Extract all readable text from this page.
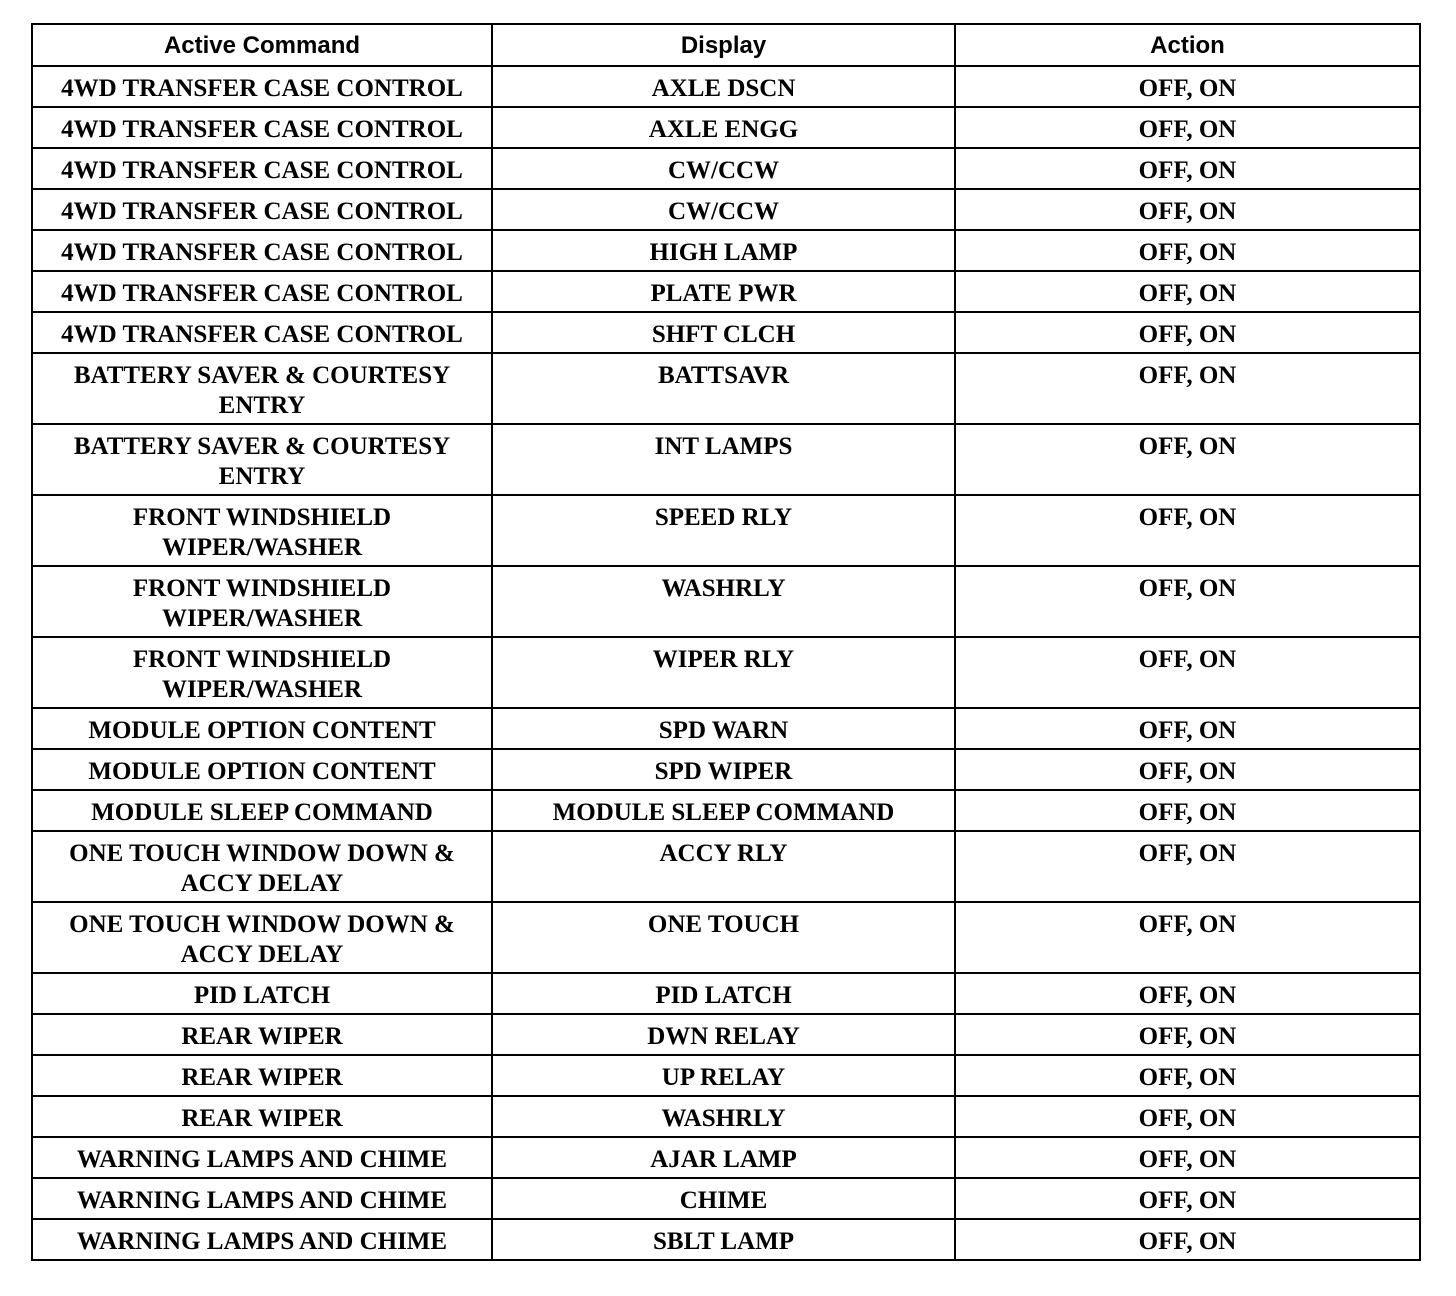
Active Command	Display	Action
4WD TRANSFER CASE CONTROL	AXLE DSCN	OFF, ON
4WD TRANSFER CASE CONTROL	AXLE ENGG	OFF, ON
4WD TRANSFER CASE CONTROL	CW/CCW	OFF, ON
4WD TRANSFER CASE CONTROL	CW/CCW	OFF, ON
4WD TRANSFER CASE CONTROL	HIGH LAMP	OFF, ON
4WD TRANSFER CASE CONTROL	PLATE PWR	OFF, ON
4WD TRANSFER CASE CONTROL	SHFT CLCH	OFF, ON
BATTERY SAVER & COURTESY ENTRY	BATTSAVR	OFF, ON
BATTERY SAVER & COURTESY ENTRY	INT LAMPS	OFF, ON
FRONT WINDSHIELD WIPER/WASHER	SPEED RLY	OFF, ON
FRONT WINDSHIELD WIPER/WASHER	WASHRLY	OFF, ON
FRONT WINDSHIELD WIPER/WASHER	WIPER RLY	OFF, ON
MODULE OPTION CONTENT	SPD WARN	OFF, ON
MODULE OPTION CONTENT	SPD WIPER	OFF, ON
MODULE SLEEP COMMAND	MODULE SLEEP COMMAND	OFF, ON
ONE TOUCH WINDOW DOWN & ACCY DELAY	ACCY RLY	OFF, ON
ONE TOUCH WINDOW DOWN & ACCY DELAY	ONE TOUCH	OFF, ON
PID LATCH	PID LATCH	OFF, ON
REAR WIPER	DWN RELAY	OFF, ON
REAR WIPER	UP RELAY	OFF, ON
REAR WIPER	WASHRLY	OFF, ON
WARNING LAMPS AND CHIME	AJAR LAMP	OFF, ON
WARNING LAMPS AND CHIME	CHIME	OFF, ON
WARNING LAMPS AND CHIME	SBLT LAMP	OFF, ON
